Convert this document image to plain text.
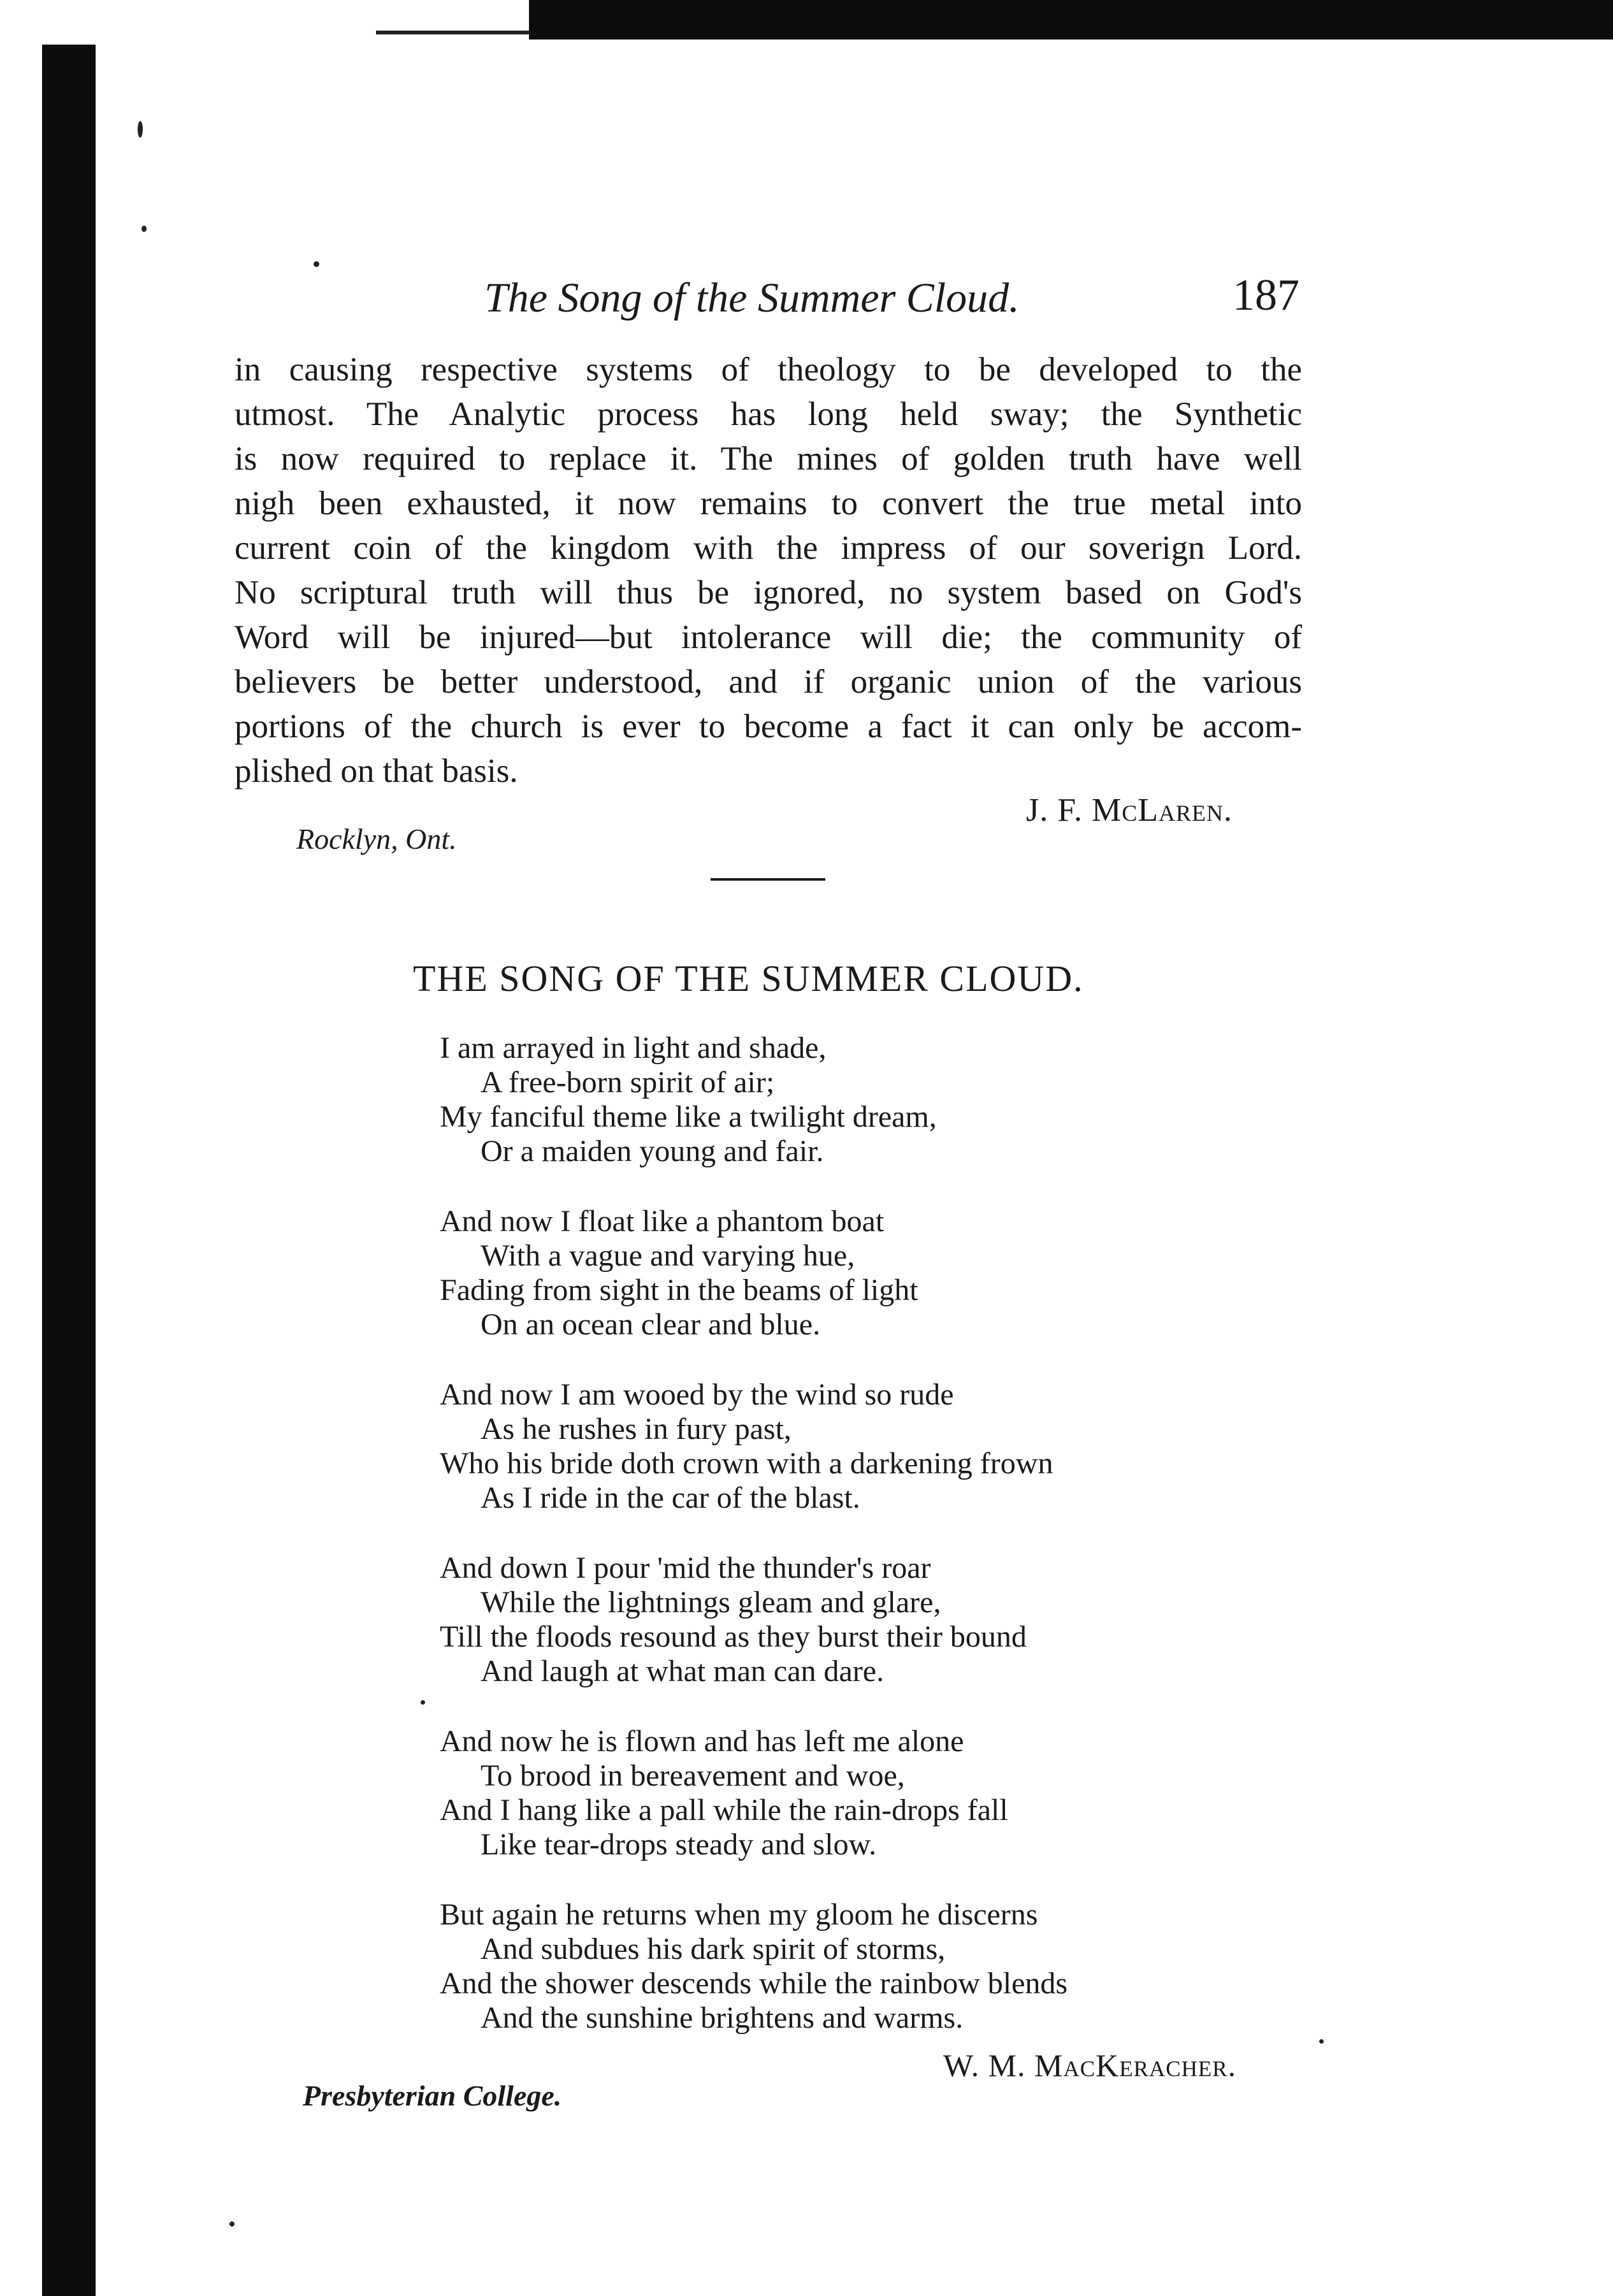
The Song of the Summer Cloud.	187
in causing respective systems of theology to be developed to the
utmost. The Analytic process has long held sway; the Synthetic
is now required to replace it. The mines of golden truth have well
nigh been exhausted, it now remains to convert the true metal into
current coin of the kingdom with the impress of our soverign Lord.
No scriptural truth will thus be ignored, no system based on God's
Word will be injured—but intolerance will die; the community of
believers be better understood, and if organic union of the various
portions of the church is ever to become a fact it can only be accom-
plished on that basis.
J. F. McLaren.
Rocklyn, Ont.
THE SONG OF THE SUMMER CLOUD.
I am arrayed in light and shade,
A free-born spirit of air;
My fanciful theme like a twilight dream,
Or a maiden young and fair.
And now I float like a phantom boat
With a vague and varying hue,
Fading from sight in the beams of light
On an ocean clear and blue.
And now I am wooed by the wind so rude
As he rushes in fury past,
Who his bride doth crown with a darkening frown
As I ride in the car of the blast.
And down I pour 'mid the thunder's roar
While the lightnings gleam and glare,
Till the floods resound as they burst their bound
And laugh at what man can dare.
And now he is flown and has left me alone
To brood in bereavement and woe,
And I hang like a pall while the rain-drops fall
Like tear-drops steady and slow.
But again he returns when my gloom he discerns
And subdues his dark spirit of storms,
And the shower descends while the rainbow blends
And the sunshine brightens and warms.
W. M. MacKeracher.
Presbyterian College.
